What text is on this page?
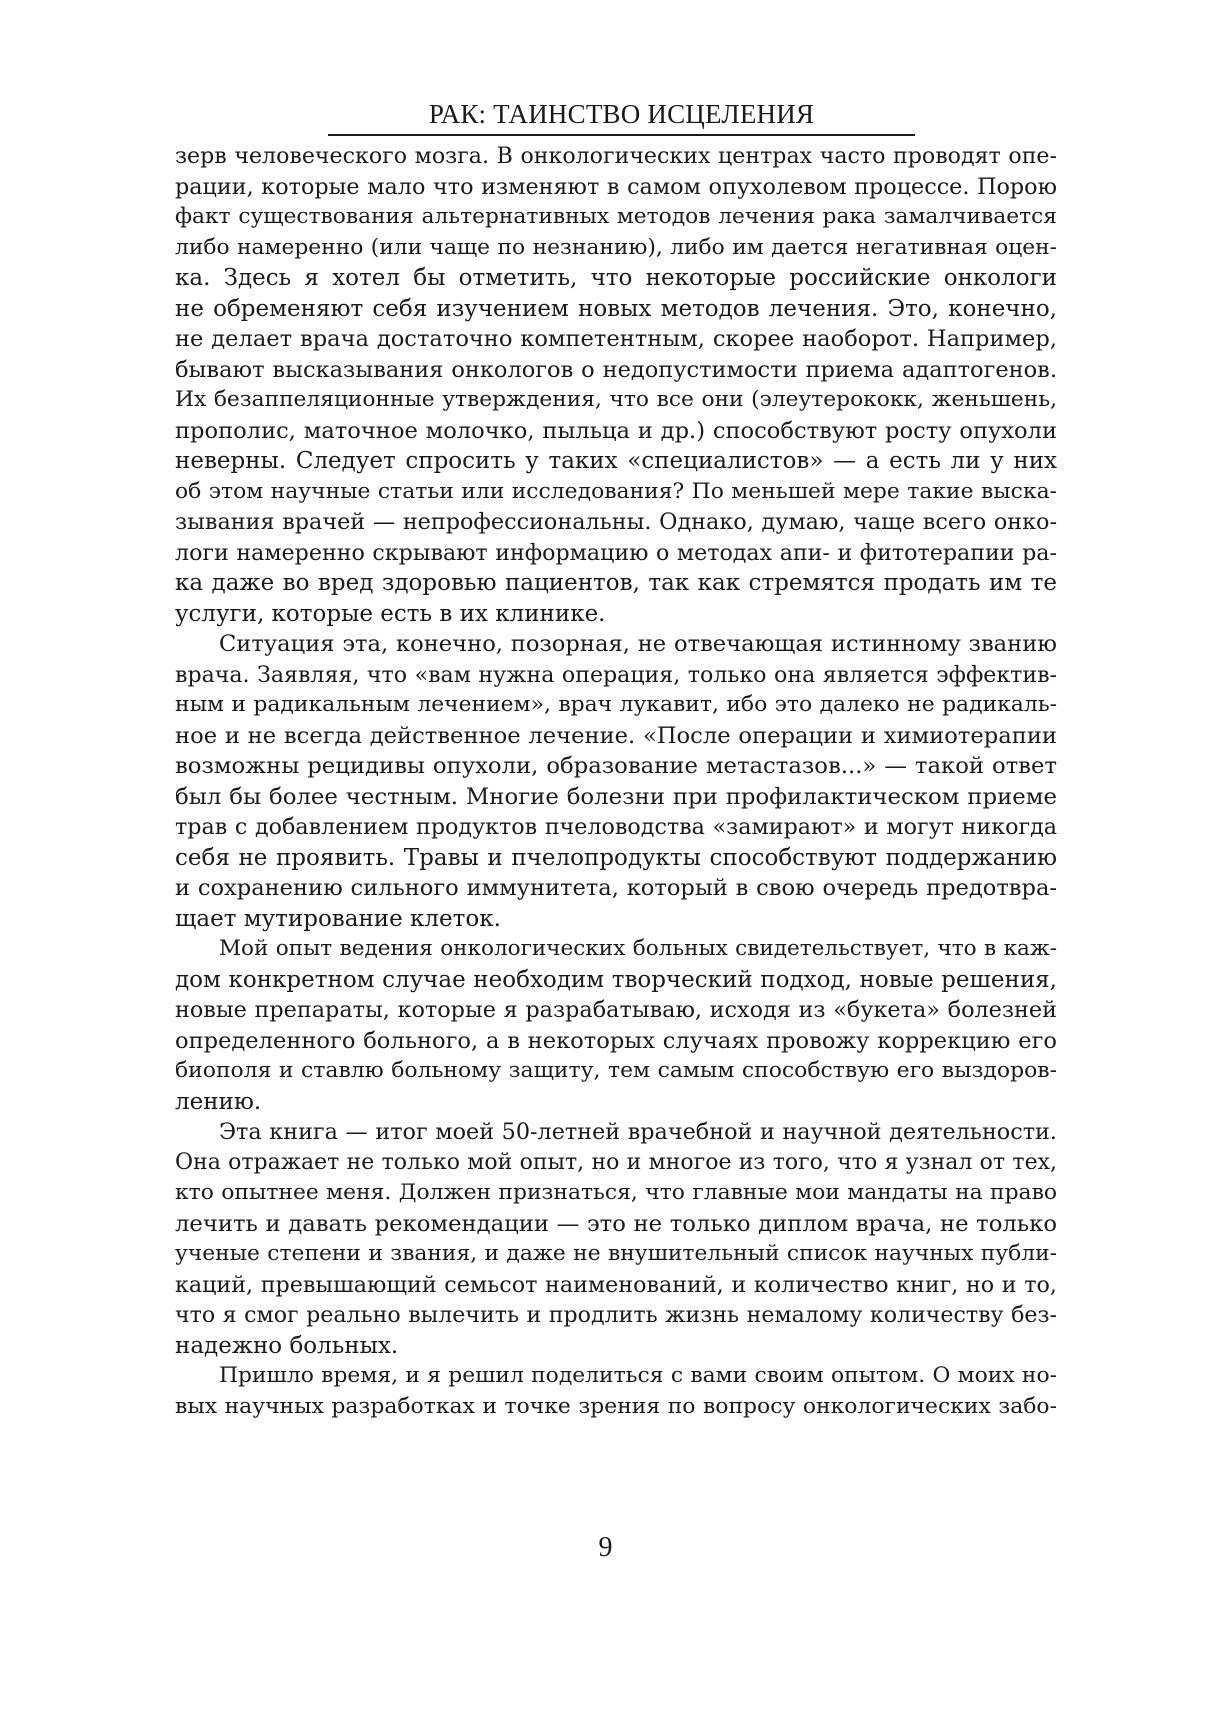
РАК: ТАИНСТВО ИСЦЕЛЕНИЯ

зерв человеческого мозга. В онкологических центрах часто проводят опе-
рации, которые мало что изменяют в самом опухолевом процессе. Порою
факт существования альтернативных методов лечения рака замалчивается
либо намеренно (или чаще по незнанию), либо им дается негативная оцен-
ка. Здесь я хотел бы отметить, что некоторые российские онкологи
не обременяют себя изучением новых методов лечения. Это, конечно,
не делает врача достаточно компетентным, скорее наоборот. Например,
бывают высказывания онкологов о недопустимости приема адаптогенов.
Их безаппеляционные утверждения, что все они (элеутерококк, женьшень,
прополис, маточное молочко, пыльца и др.) способствуют росту опухоли
неверны. Следует спросить у таких «специалистов» — а есть ли у них
об этом научные статьи или исследования? По меньшей мере такие выска-
зывания врачей — непрофессиональны. Однако, думаю, чаще всего онко-
логи намеренно скрывают информацию о методах апи- и фитотерапии ра-
ка даже во вред здоровью пациентов, так как стремятся продать им те
услуги, которые есть в их клинике.

Ситуация эта, конечно, позорная, не отвечающая истинному званию
врача. Заявляя, что «вам нужна операция, только она является эффектив-
ным и радикальным лечением», врач лукавит, ибо это далеко не радикаль-
ное и не всегда действенное лечение. «После операции и химиотерапии
возможны рецидивы опухоли, образование метастазов...» — такой ответ
был бы более честным. Многие болезни при профилактическом приеме
трав с добавлением продуктов пчеловодства «замирают» и могут никогда
себя не проявить. Травы и пчелопродукты способствуют поддержанию
и сохранению сильного иммунитета, который в свою очередь предотвра-
щает мутирование клеток.

Мой опыт ведения онкологических больных свидетельствует, что в каж-
дом конкретном случае необходим творческий подход, новые решения,
новые препараты, которые я разрабатываю, исходя из «букета» болезней
определенного больного, а в некоторых случаях провожу коррекцию его
биополя и ставлю больному защиту, тем самым способствую его выздоров-
лению.

Эта книга — итог моей 50-летней врачебной и научной деятельности.
Она отражает не только мой опыт, но и многое из того, что я узнал от тех,
кто опытнее меня. Должен признаться, что главные мои мандаты на право
лечить и давать рекомендации — это не только диплом врача, не только
ученые степени и звания, и даже не внушительный список научных публи-
каций, превышающий семьсот наименований, и количество книг, но и то,
что я смог реально вылечить и продлить жизнь немалому количеству без-
надежно больных.

Пришло время, и я решил поделиться с вами своим опытом. О моих но-
вых научных разработках и точке зрения по вопросу онкологических забо-

9
